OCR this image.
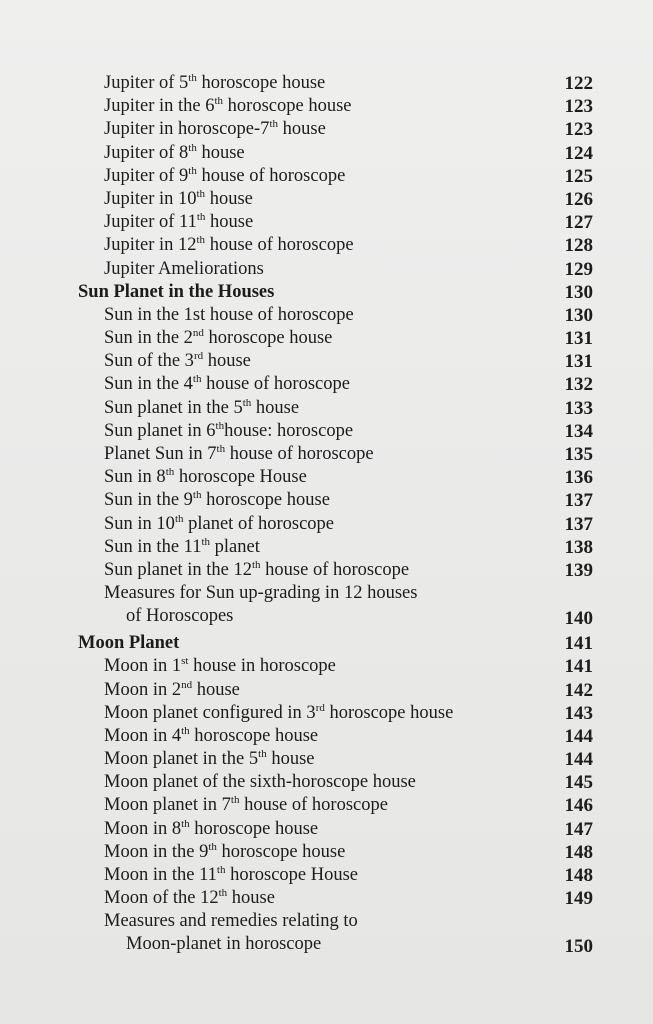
Jupiter of 5th horoscope house	122
Jupiter in the 6th horoscope house	123
Jupiter in horoscope-7th house	123
Jupiter of 8th house	124
Jupiter of 9th house of horoscope	125
Jupiter in 10th house	126
Jupiter of 11th house	127
Jupiter in 12th house of horoscope	128
Jupiter Ameliorations	129
Sun Planet in the Houses	130
Sun in the 1st house of horoscope	130
Sun in the 2nd horoscope house	131
Sun of the 3rd house	131
Sun in the 4th house of horoscope	132
Sun planet in the 5th house	133
Sun planet in 6thhouse: horoscope	134
Planet Sun in 7th house of horoscope	135
Sun in 8th horoscope House	136
Sun in the 9th horoscope house	137
Sun in 10th planet of horoscope	137
Sun in the 11th planet	138
Sun planet in the 12th house of horoscope	139
Measures for Sun up-grading in 12 houses
of Horoscopes	140
Moon Planet	141
Moon in 1st house in horoscope	141
Moon in 2nd house	142
Moon planet configured in 3rd horoscope house	143
Moon in 4th horoscope house	144
Moon planet in the 5th house	144
Moon planet of the sixth-horoscope house	145
Moon planet in 7th house of horoscope	146
Moon in 8th horoscope house	147
Moon in the 9th horoscope house	148
Moon in the 11th horoscope House	148
Moon of the 12th house	149
Measures and remedies relating to
Moon-planet in horoscope	150
